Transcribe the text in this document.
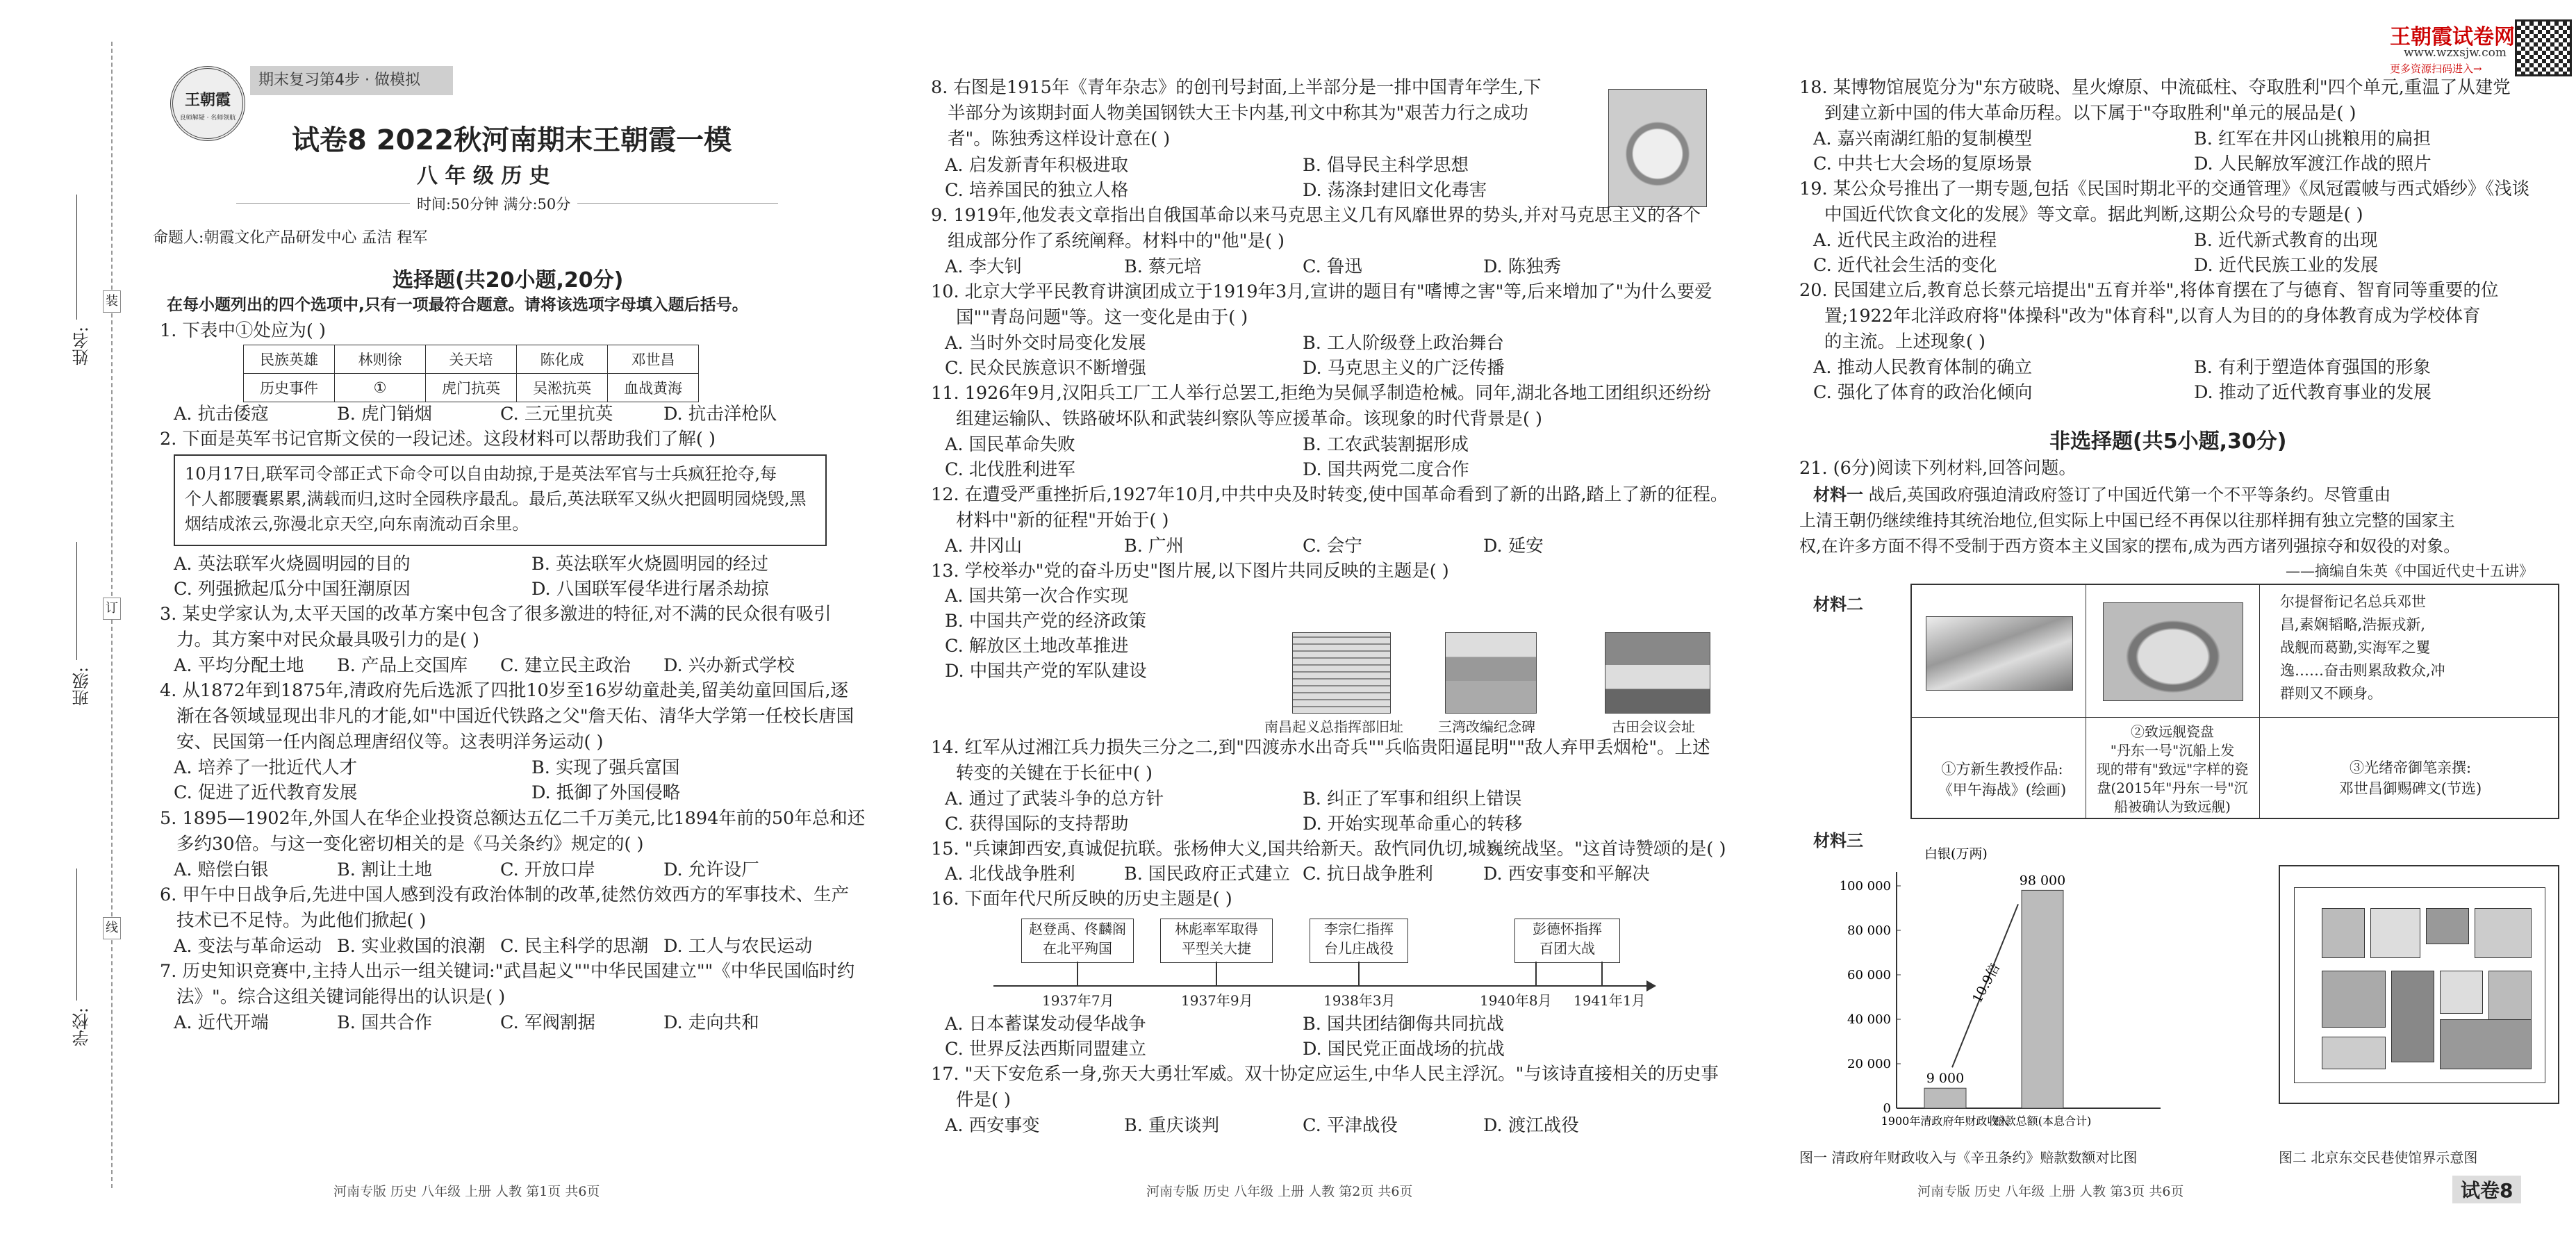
装
订
线
姓名:
班级:
学校:
王朝霞
良师解疑 · 名师领航
期末复习第4步 · 做模拟
试卷8 2022秋河南期末王朝霞一模
八 年 级 历 史
时间:50分钟 满分:50分
命题人:朝霞文化产品研发中心 孟洁 程军
选择题(共20小题,20分)
在每小题列出的四个选项中,只有一项最符合题意。请将该选项字母填入题后括号。
1. 下表中①处应为( )
民族英雄	林则徐	关天培	陈化成	邓世昌
历史事件	①	虎门抗英	吴淞抗英	血战黄海
A. 抗击倭寇	B. 虎门销烟	C. 三元里抗英	D. 抗击洋枪队
2. 下面是英军书记官斯文侯的一段记述。这段材料可以帮助我们了解( )
10月17日,联军司令部正式下命令可以自由劫掠,于是英法军官与士兵疯狂抢夺,每
个人都腰囊累累,满载而归,这时全园秩序最乱。最后,英法联军又纵火把圆明园烧毁,黑
烟结成浓云,弥漫北京天空,向东南流动百余里。
A. 英法联军火烧圆明园的目的	B. 英法联军火烧圆明园的经过
C. 列强掀起瓜分中国狂潮原因	D. 八国联军侵华进行屠杀劫掠
3. 某史学家认为,太平天国的改革方案中包含了很多激进的特征,对不满的民众很有吸引
力。其方案中对民众最具吸引力的是( )
A. 平均分配土地 B. 产品上交国库 C. 建立民主政治 D. 兴办新式学校
4. 从1872年到1875年,清政府先后选派了四批10岁至16岁幼童赴美,留美幼童回国后,逐
渐在各领域显现出非凡的才能,如"中国近代铁路之父"詹天佑、清华大学第一任校长唐国
安、民国第一任内阁总理唐绍仪等。这表明洋务运动( )
A. 培养了一批近代人才	B. 实现了强兵富国
C. 促进了近代教育发展	D. 抵御了外国侵略
5. 1895—1902年,外国人在华企业投资总额达五亿二千万美元,比1894年前的50年总和还
多约30倍。与这一变化密切相关的是《马关条约》规定的( )
A. 赔偿白银	B. 割让土地	C. 开放口岸	D. 允许设厂
6. 甲午中日战争后,先进中国人感到没有政治体制的改革,徒然仿效西方的军事技术、生产
技术已不足恃。为此他们掀起( )
A. 变法与革命运动 B. 实业救国的浪潮 C. 民主科学的思潮 D. 工人与农民运动
7. 历史知识竞赛中,主持人出示一组关键词:"武昌起义""中华民国建立""《中华民国临时约
法》"。综合这组关键词能得出的认识是( )
A. 近代开端	B. 国共合作	C. 军阀割据	D. 走向共和
河南专版 历史 八年级 上册 人教 第1页 共6页
8. 右图是1915年《青年杂志》的创刊号封面,上半部分是一排中国青年学生,下
半部分为该期封面人物美国钢铁大王卡内基,刊文中称其为"艰苦力行之成功
者"。陈独秀这样设计意在( )
A. 启发新青年积极进取	B. 倡导民主科学思想
C. 培养国民的独立人格	D. 荡涤封建旧文化毒害
9. 1919年,他发表文章指出自俄国革命以来马克思主义几有风靡世界的势头,并对马克思主义的各个
组成部分作了系统阐释。材料中的"他"是( )
A. 李大钊	B. 蔡元培	C. 鲁迅	D. 陈独秀
10. 北京大学平民教育讲演团成立于1919年3月,宣讲的题目有"嗜博之害"等,后来增加了"为什么要爱
国""青岛问题"等。这一变化是由于( )
A. 当时外交时局变化发展	B. 工人阶级登上政治舞台
C. 民众民族意识不断增强	D. 马克思主义的广泛传播
11. 1926年9月,汉阳兵工厂工人举行总罢工,拒绝为吴佩孚制造枪械。同年,湖北各地工团组织还纷纷
组建运输队、铁路破坏队和武装纠察队等应援革命。该现象的时代背景是( )
A. 国民革命失败	B. 工农武装割据形成
C. 北伐胜利进军	D. 国共两党二度合作
12. 在遭受严重挫折后,1927年10月,中共中央及时转变,使中国革命看到了新的出路,踏上了新的征程。
材料中"新的征程"开始于( )
A. 井冈山	B. 广州	C. 会宁	D. 延安
13. 学校举办"党的奋斗历史"图片展,以下图片共同反映的主题是( )
A. 国共第一次合作实现
B. 中国共产党的经济政策
C. 解放区土地改革推进
D. 中国共产党的军队建设
南昌起义总指挥部旧址	三湾改编纪念碑	古田会议会址
14. 红军从过湘江兵力损失三分之二,到"四渡赤水出奇兵""兵临贵阳逼昆明""敌人弃甲丢烟枪"。上述
转变的关键在于长征中( )
A. 通过了武装斗争的总方针	B. 纠正了军事和组织上错误
C. 获得国际的支持帮助	D. 开始实现革命重心的转移
15. "兵谏卸西安,真诚促抗联。张杨伸大义,国共给新天。敌忾同仇切,城巍统战坚。"这首诗赞颂的是( )
A. 北伐战争胜利	B. 国民政府正式建立 C. 抗日战争胜利	D. 西安事变和平解决
16. 下面年代尺所反映的历史主题是( )
赵登禹、佟麟阁
在北平殉国
林彪率军取得
平型关大捷
李宗仁指挥
台儿庄战役
彭德怀指挥
百团大战
1937年7月	1937年9月	1938年3月	1940年8月 1941年1月
A. 日本蓄谋发动侵华战争	B. 国共团结御侮共同抗战
C. 世界反法西斯同盟建立	D. 国民党正面战场的抗战
17. "天下安危系一身,弥天大勇壮军威。双十协定应运生,中华人民主浮沉。"与该诗直接相关的历史事
件是( )
A. 西安事变	B. 重庆谈判	C. 平津战役	D. 渡江战役
河南专版 历史 八年级 上册 人教 第2页 共6页
王朝霞试卷网
www.wzxsjw.com
更多资源扫码进入→
18. 某博物馆展览分为"东方破晓、星火燎原、中流砥柱、夺取胜利"四个单元,重温了从建党
到建立新中国的伟大革命历程。以下属于"夺取胜利"单元的展品是( )
A. 嘉兴南湖红船的复制模型	B. 红军在井冈山挑粮用的扁担
C. 中共七大会场的复原场景	D. 人民解放军渡江作战的照片
19. 某公众号推出了一期专题,包括《民国时期北平的交通管理》《凤冠霞帔与西式婚纱》《浅谈
中国近代饮食文化的发展》等文章。据此判断,这期公众号的专题是( )
A. 近代民主政治的进程	B. 近代新式教育的出现
C. 近代社会生活的变化	D. 近代民族工业的发展
20. 民国建立后,教育总长蔡元培提出"五育并举",将体育摆在了与德育、智育同等重要的位
置;1922年北洋政府将"体操科"改为"体育科",以育人为目的的身体教育成为学校体育
的主流。上述现象( )
A. 推动人民教育体制的确立	B. 有利于塑造体育强国的形象
C. 强化了体育的政治化倾向	D. 推动了近代教育事业的发展
非选择题(共5小题,30分)
21. (6分)阅读下列材料,回答问题。
材料一 战后,英国政府强迫清政府签订了中国近代第一个不平等条约。尽管重由
上清王朝仍继续维持其统治地位,但实际上中国已经不再保以往那样拥有独立完整的国家主
权,在许多方面不得不受制于西方资本主义国家的摆布,成为西方诸列强掠夺和奴役的对象。
——摘编自朱英《中国近代史十五讲》
材料二	尔提督衔记名总兵邓世
昌,素娴韬略,浩振戎新,
战舰而葛勤,实海军之矍
逸……奋击则累敌救众,冲
群则又不顾身。
①方新生教授作品:
《甲午海战》(绘画)
②致远舰瓷盘
"丹东一号"沉船上发
现的带有"致远"字样的瓷
盘(2015年"丹东一号"沉
船被确认为致远舰)
③光绪帝御笔亲撰:
邓世昌御赐碑文(节选)
材料三
白银(万两)
0
20 000
40 000
60 000
80 000
100 000
9 000
1900年清政府年财政收入
98 000
赔款总额(本息合计)
10.9倍
图一 清政府年财政收入与《辛丑条约》赔款数额对比图	图二 北京东交民巷使馆界示意图
河南专版 历史 八年级 上册 人教 第3页 共6页	试卷8
